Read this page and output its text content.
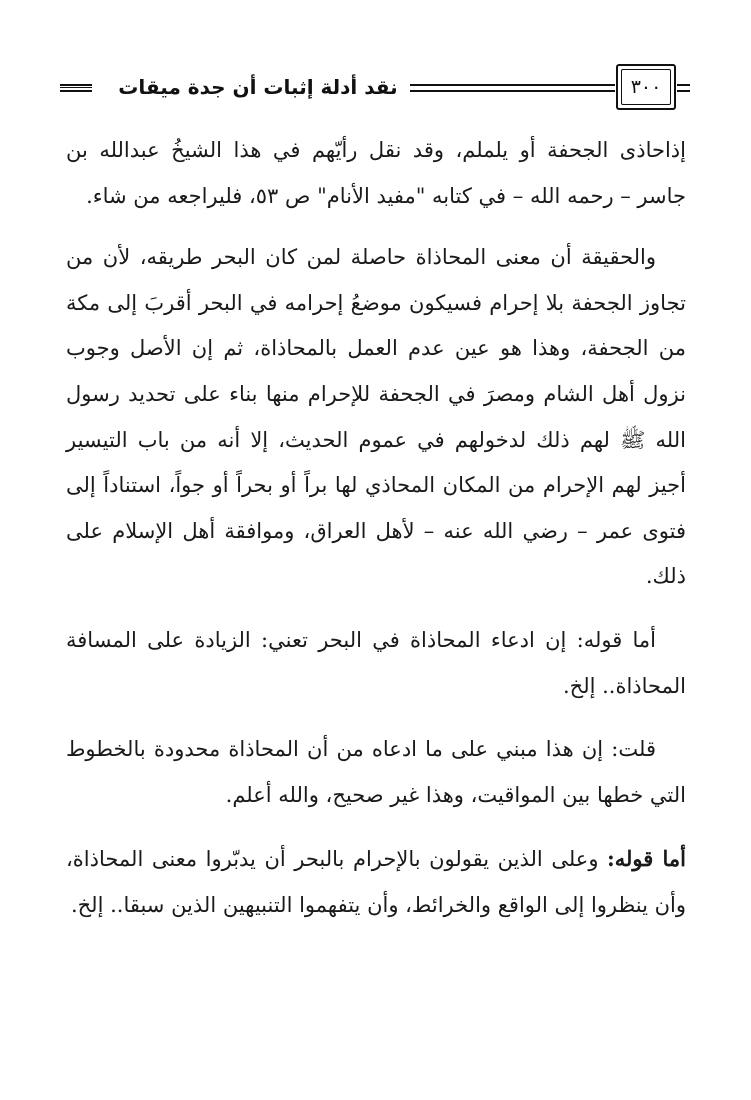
نقد أدلة إثبات أن جدة ميقات	٣٠٠

إذاحاذى الجحفة أو يلملم، وقد نقل رأيّهم في هذا الشيخُ عبدالله بن جاسر – رحمه الله – في كتابه "مفيد الأنام" ص ٥٣، فليراجعه من شاء.

والحقيقة أن معنى المحاذاة حاصلة لمن كان البحر طريقه، لأن من تجاوز الجحفة بلا إحرام فسيكون موضعُ إحرامه في البحر أقربَ إلى مكة من الجحفة، وهذا هو عين عدم العمل بالمحاذاة، ثم إن الأصل وجوب نزول أهل الشام ومصرَ في الجحفة للإحرام منها بناء على تحديد رسول الله ﷺ لهم ذلك لدخولهم في عموم الحديث، إلا أنه من باب التيسير أجيز لهم الإحرام من المكان المحاذي لها براً أو بحراً أو جواً، استناداً إلى فتوى عمر – رضي الله عنه – لأهل العراق، وموافقة أهل الإسلام على ذلك.

أما قوله: إن ادعاء المحاذاة في البحر تعني: الزيادة على المسافة المحاذاة.. إلخ.

قلت: إن هذا مبني على ما ادعاه من أن المحاذاة محدودة بالخطوط التي خطها بين المواقيت، وهذا غير صحيح، والله أعلم.

أما قوله: وعلى الذين يقولون بالإحرام بالبحر أن يدبّروا معنى المحاذاة، وأن ينظروا إلى الواقع والخرائط، وأن يتفهموا التنبيهين الذين سبقا.. إلخ.
